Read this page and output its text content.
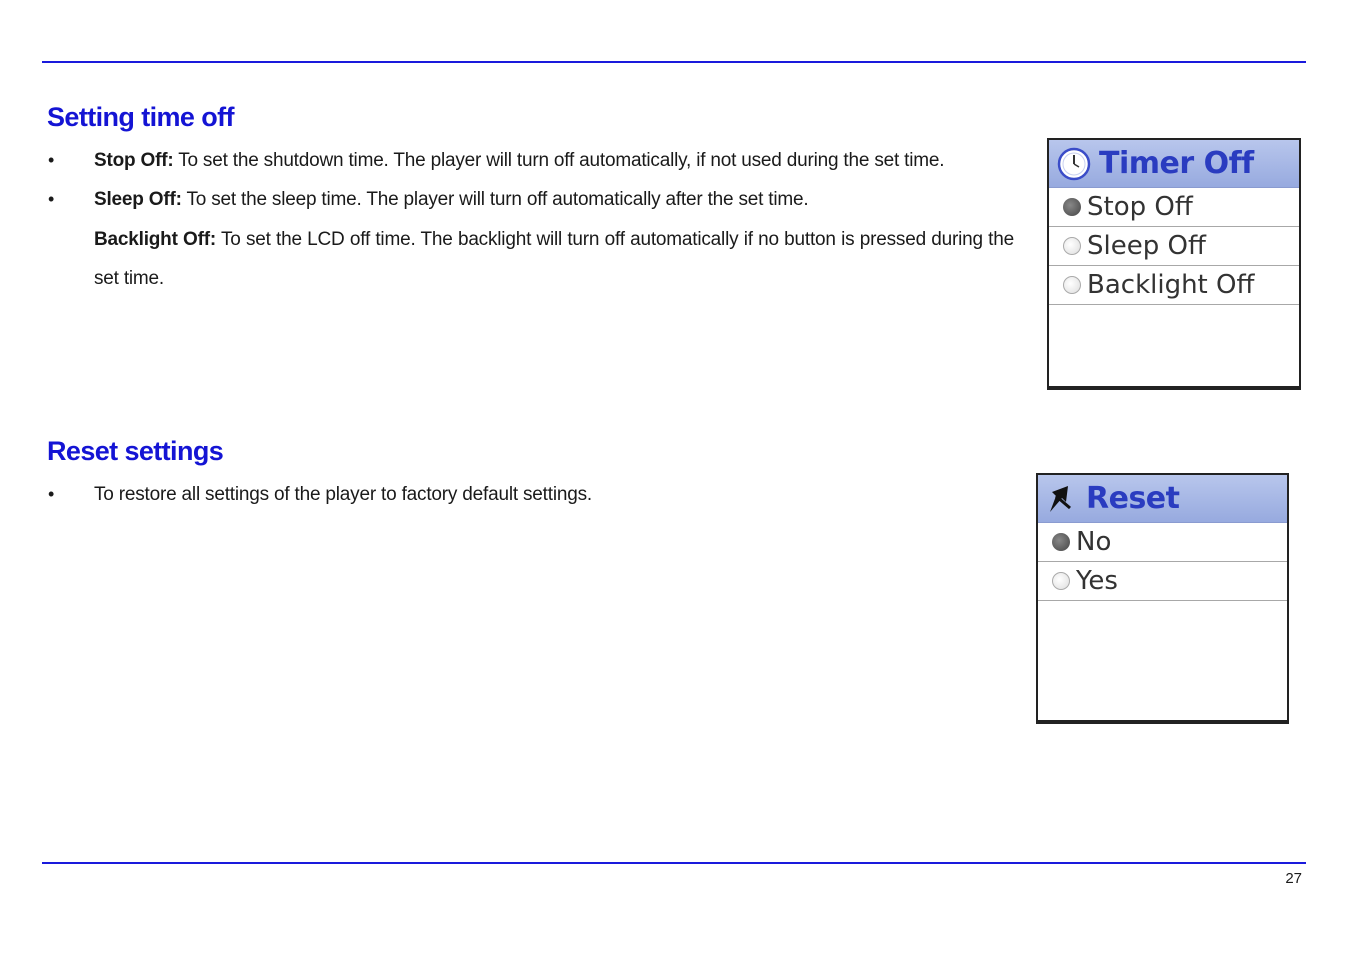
Setting time off
• Stop Off: To set the shutdown time. The player will turn off automatically, if not used during the set time.

• Sleep Off: To set the sleep time. The player will turn off automatically after the set time.

Backlight Off: To set the LCD off time. The backlight will turn off automatically if no button is pressed during the set time.

Timer Off
Stop Off
Sleep Off
Backlight Off
Reset settings
• To restore all settings of the player to factory default settings.	Reset
No
Yes
27
